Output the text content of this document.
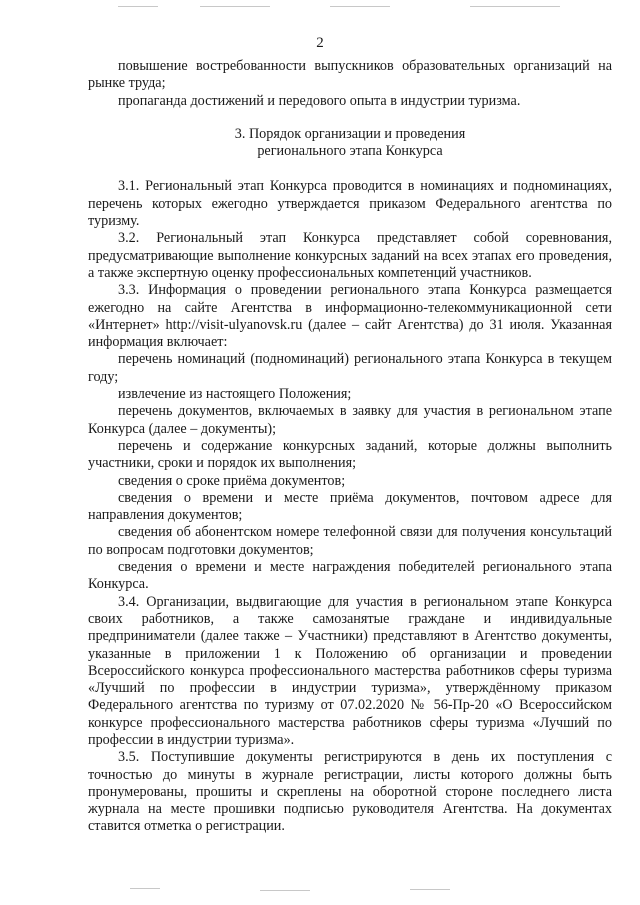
2

повышение востребованности выпускников образовательных организаций на рынке труда;

пропаганда достижений и передового опыта в индустрии туризма.

3. Порядок организации и проведения
регионального этапа Конкурса

3.1. Региональный этап Конкурса проводится в номинациях и подноминациях, перечень которых ежегодно утверждается приказом Федерального агентства по туризму.

3.2. Региональный этап Конкурса представляет собой соревнования, предусматривающие выполнение конкурсных заданий на всех этапах его проведения, а также экспертную оценку профессиональных компетенций участников.

3.3. Информация о проведении регионального этапа Конкурса размещается ежегодно на сайте Агентства в информационно-телекоммуникационной сети «Интернет» http://visit-ulyanovsk.ru (далее – сайт Агентства) до 31 июля. Указанная информация включает:

перечень номинаций (подноминаций) регионального этапа Конкурса в текущем году;

извлечение из настоящего Положения;

перечень документов, включаемых в заявку для участия в региональном этапе Конкурса (далее – документы);

перечень и содержание конкурсных заданий, которые должны выполнить участники, сроки и порядок их выполнения;

сведения о сроке приёма документов;

сведения о времени и месте приёма документов, почтовом адресе для направления документов;

сведения об абонентском номере телефонной связи для получения консультаций по вопросам подготовки документов;

сведения о времени и месте награждения победителей регионального этапа Конкурса.

3.4. Организации, выдвигающие для участия в региональном этапе Конкурса своих работников, а также самозанятые граждане и индивидуальные предприниматели (далее также – Участники) представляют в Агентство документы, указанные в приложении 1 к Положению об организации и проведении Всероссийского конкурса профессионального мастерства работников сферы туризма «Лучший по профессии в индустрии туризма», утверждённому приказом Федерального агентства по туризму от 07.02.2020 № 56-Пр-20 «О Всероссийском конкурсе профессионального мастерства работников сферы туризма «Лучший по профессии в индустрии туризма».

3.5. Поступившие документы регистрируются в день их поступления с точностью до минуты в журнале регистрации, листы которого должны быть пронумерованы, прошиты и скреплены на оборотной стороне последнего листа журнала на месте прошивки подписью руководителя Агентства. На документах ставится отметка о регистрации.
